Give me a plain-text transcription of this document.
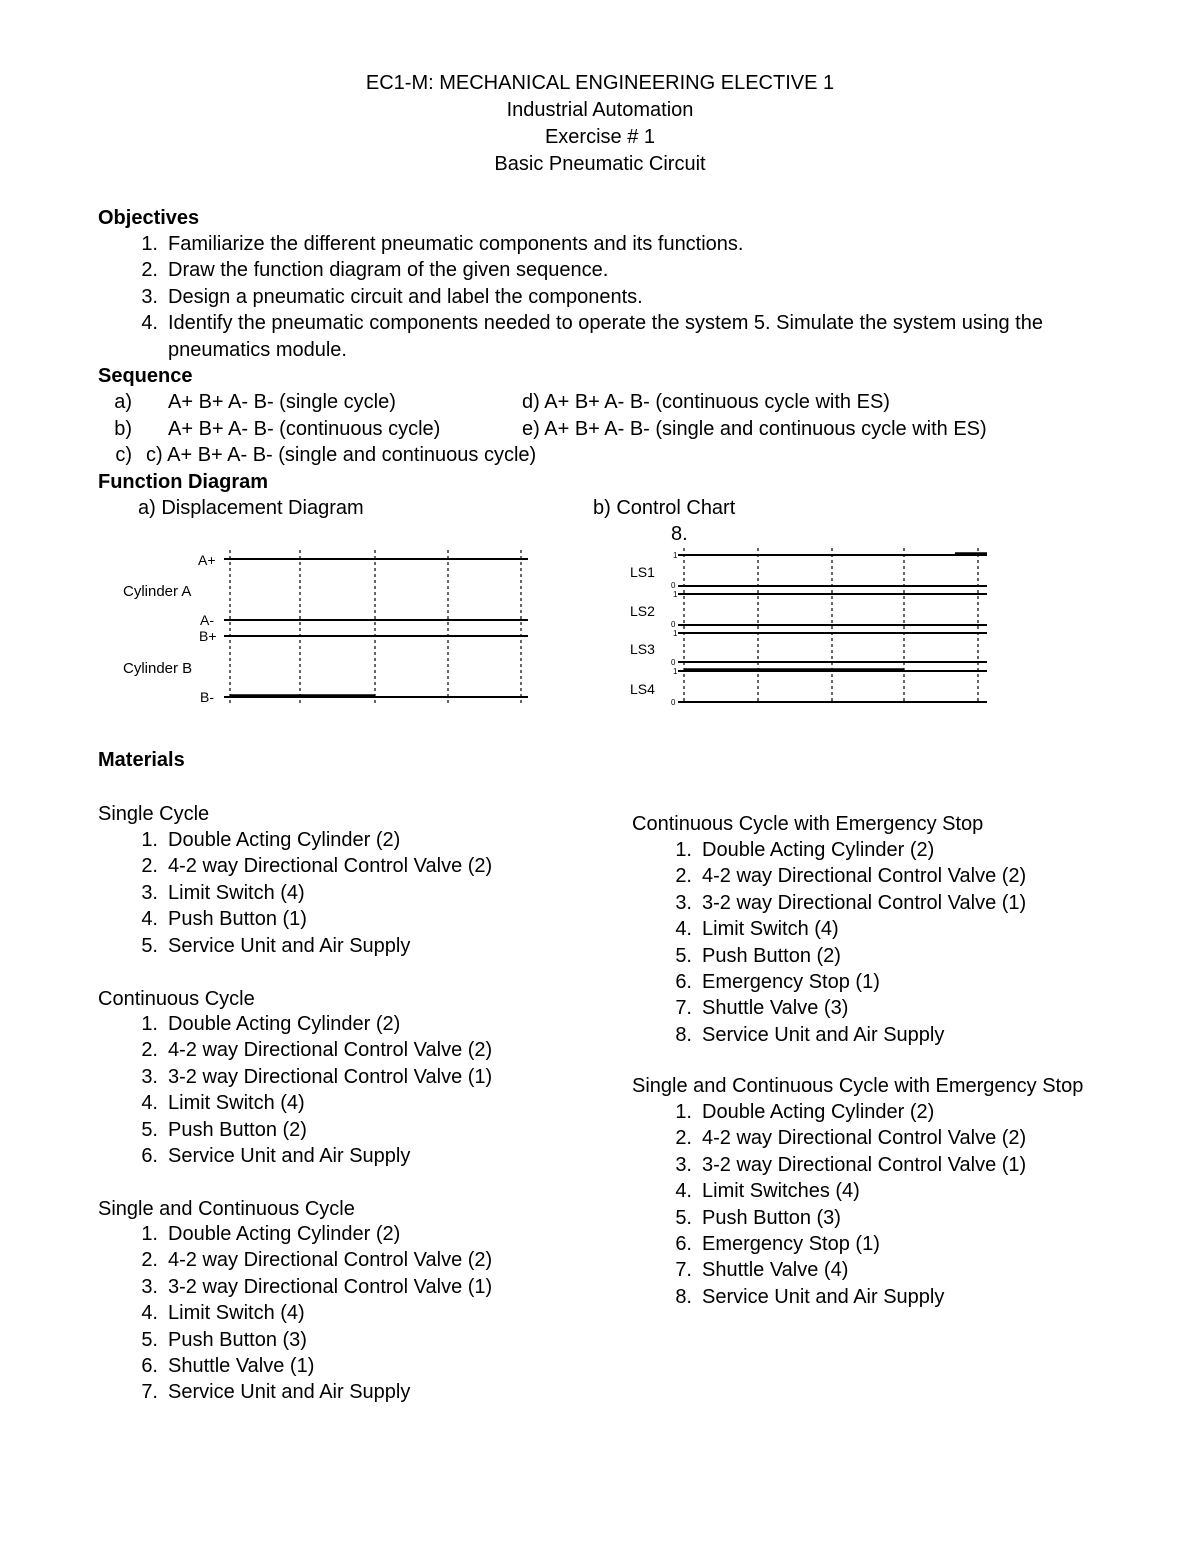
EC1-M: MECHANICAL ENGINEERING ELECTIVE 1
Industrial Automation
Exercise # 1
Basic Pneumatic Circuit
Objectives
1. Familiarize the different pneumatic components and its functions.
2. Draw the function diagram of the given sequence.
3. Design a pneumatic circuit and label the components.
4. Identify the pneumatic components needed to operate the system 5. Simulate the system using the pneumatics module.
Sequence
a) A+ B+ A- B- (single cycle)
b) A+ B+ A- B- (continuous cycle)
c) c) A+ B+ A- B- (single and continuous cycle)
d) A+ B+ A- B- (continuous cycle with ES)
e) A+ B+ A- B- (single and continuous cycle with ES)
Function Diagram
a) Displacement Diagram	b) Control Chart
8.
A+
Cylinder A
A-
B+
Cylinder B
B-
LS1
LS2
LS3
LS4
1
0
1
0
1
0
1
0
Materials
Single Cycle
1. Double Acting Cylinder (2)
2. 4-2 way Directional Control Valve (2)
3. Limit Switch (4)
4. Push Button (1)
5. Service Unit and Air Supply
Continuous Cycle
1. Double Acting Cylinder (2)
2. 4-2 way Directional Control Valve (2)
3. 3-2 way Directional Control Valve (1)
4. Limit Switch (4)
5. Push Button (2)
6. Service Unit and Air Supply
Single and Continuous Cycle
1. Double Acting Cylinder (2)
2. 4-2 way Directional Control Valve (2)
3. 3-2 way Directional Control Valve (1)
4. Limit Switch (4)
5. Push Button (3)
6. Shuttle Valve (1)
7. Service Unit and Air Supply
Continuous Cycle with Emergency Stop
1. Double Acting Cylinder (2)
2. 4-2 way Directional Control Valve (2)
3. 3-2 way Directional Control Valve (1)
4. Limit Switch (4)
5. Push Button (2)
6. Emergency Stop (1)
7. Shuttle Valve (3)
8. Service Unit and Air Supply
Single and Continuous Cycle with Emergency Stop
1. Double Acting Cylinder (2)
2. 4-2 way Directional Control Valve (2)
3. 3-2 way Directional Control Valve (1)
4. Limit Switches (4)
5. Push Button (3)
6. Emergency Stop (1)
7. Shuttle Valve (4)
8. Service Unit and Air Supply
